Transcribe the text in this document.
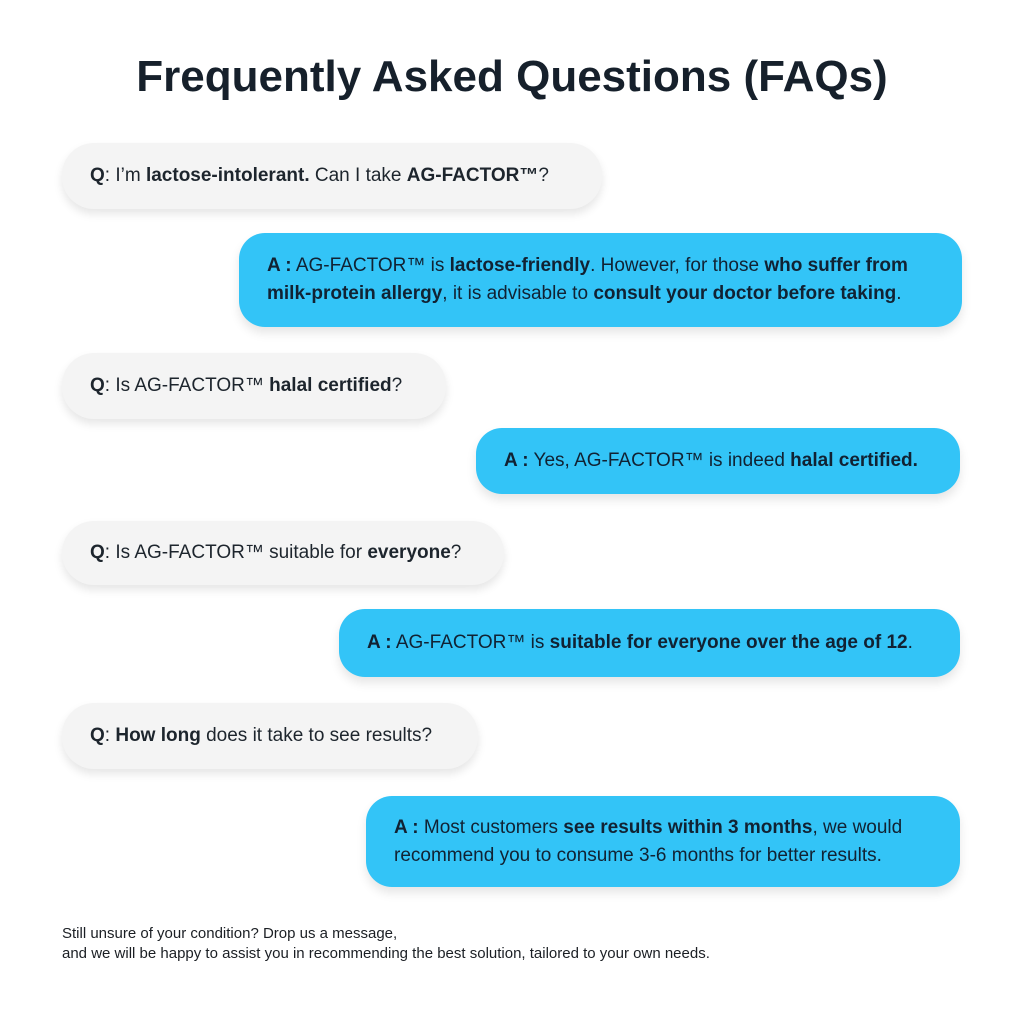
Frequently Asked Questions (FAQs)
Q: I’m lactose-intolerant. Can I take AG-FACTOR™?
A : AG-FACTOR™ is lactose-friendly. However, for those who suffer from milk-protein allergy, it is advisable to consult your doctor before taking.
Q: Is AG-FACTOR™ halal certified?
A : Yes, AG-FACTOR™ is indeed halal certified.
Q: Is AG-FACTOR™ suitable for everyone?
A : AG-FACTOR™ is suitable for everyone over the age of 12.
Q: How long does it take to see results?
A : Most customers see results within 3 months, we would recommend you to consume 3-6 months for better results.
Still unsure of your condition? Drop us a message,
and we will be happy to assist you in recommending the best solution, tailored to your own needs.
